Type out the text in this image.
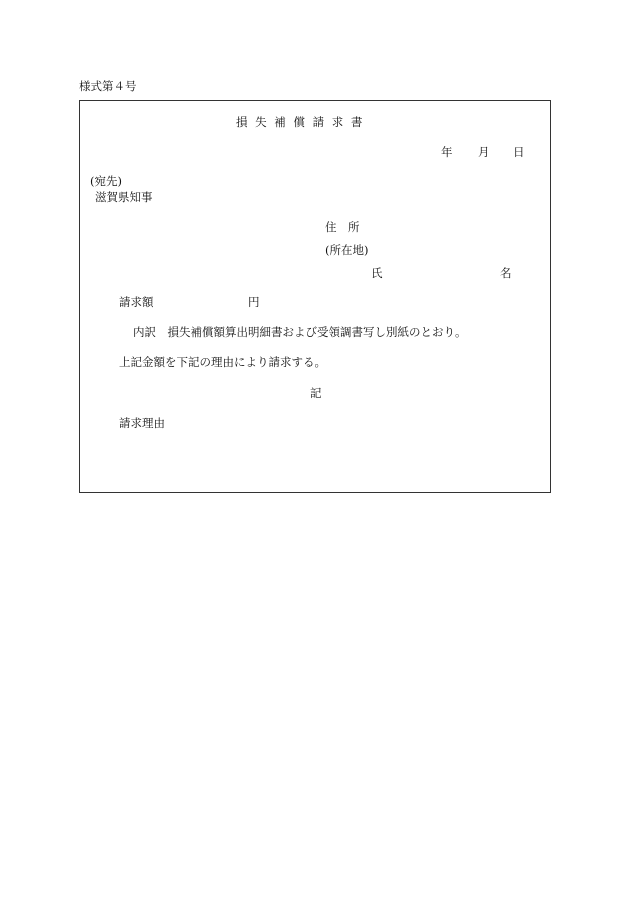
様式第４号
損 失 補 償 請 求 書
年 月 日
(宛先)
滋賀県知事
住　所
(所在地)
氏	名
請求額	円
内訳　損失補償額算出明細書および受領調書写し別紙のとおり。
上記金額を下記の理由により請求する。
記
請求理由
